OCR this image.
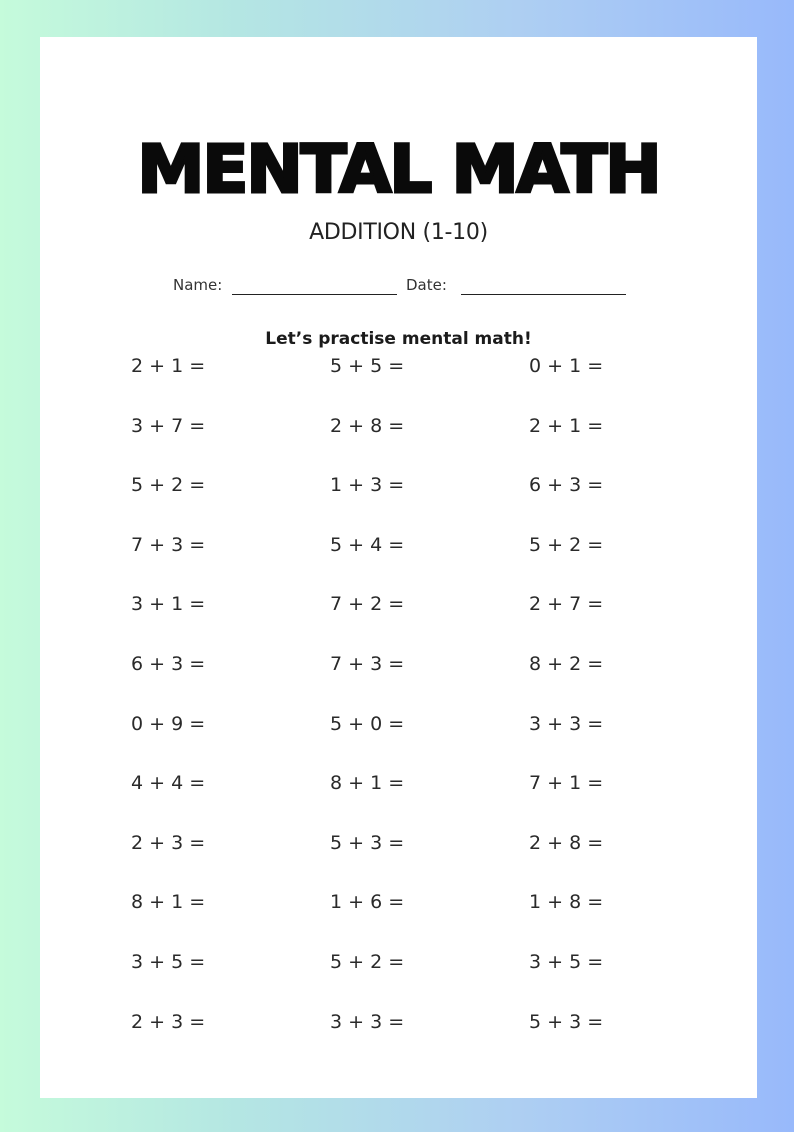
MENTAL MATH
ADDITION (1-10)
Name:	Date:
Let’s practise mental math!
2 + 1 =	5 + 5 =	0 + 1 =
3 + 7 =	2 + 8 =	2 + 1 =
5 + 2 =	1 + 3 =	6 + 3 =
7 + 3 =	5 + 4 =	5 + 2 =
3 + 1 =	7 + 2 =	2 + 7 =
6 + 3 =	7 + 3 =	8 + 2 =
0 + 9 =	5 + 0 =	3 + 3 =
4 + 4 =	8 + 1 =	7 + 1 =
2 + 3 =	5 + 3 =	2 + 8 =
8 + 1 =	1 + 6 =	1 + 8 =
3 + 5 =	5 + 2 =	3 + 5 =
2 + 3 =	3 + 3 =	5 + 3 =
